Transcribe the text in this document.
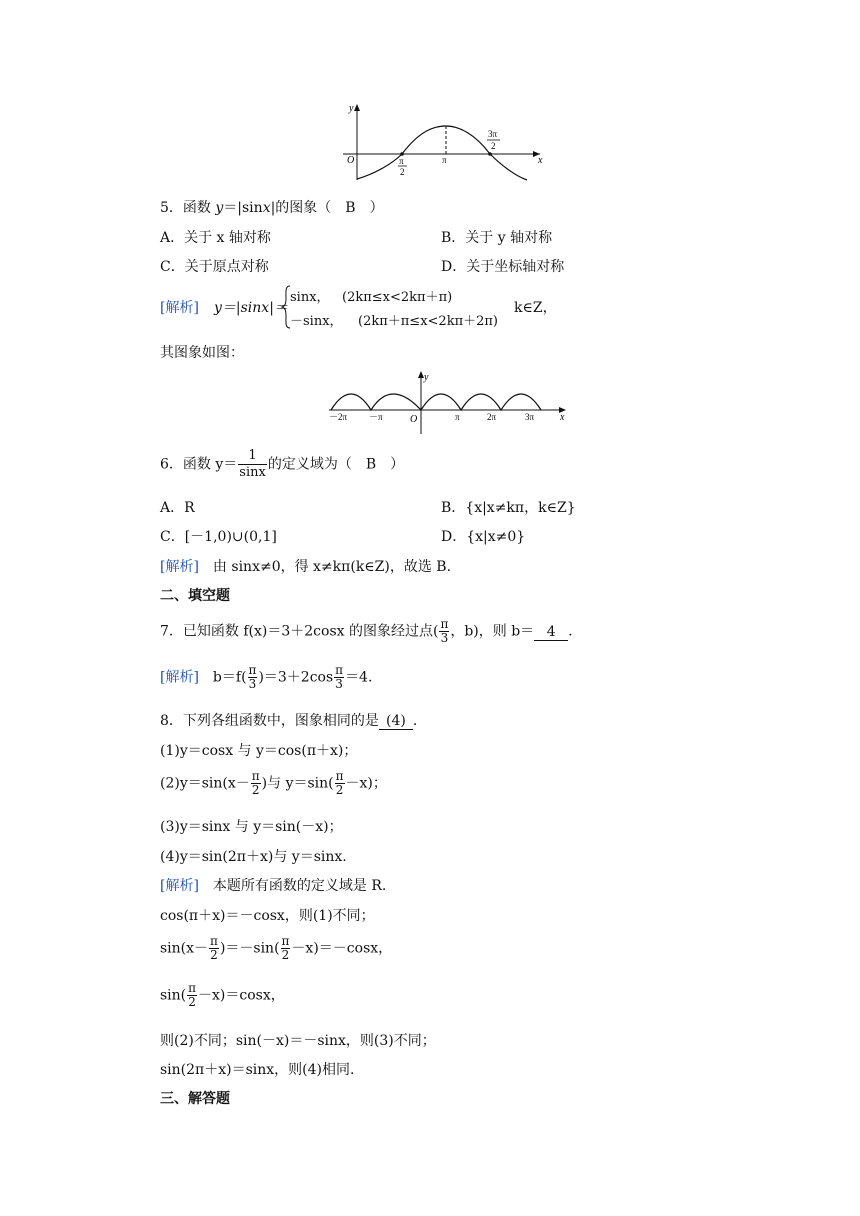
y
O	x
π
2
π
3π
2
5．函数 y＝|sinx|的图象（　B　）
A．关于 x 轴对称	B．关于 y 轴对称
C．关于原点对称	D．关于坐标轴对称
[解析] y＝|sinx|＝
sinx， (2kπ≤x<2kπ＋π)
－sinx， (2kπ＋π≤x<2kπ＋2π)
k∈Z，
其图象如图：
y
x
O
－2π －π	π	2π	3π
6．函数 $y= \frac{1}{\sin x}$ 的定义域为（　B　）
A．R	B．{x|x≠kπ，k∈Z}
C．[－1,0)∪(0,1]	D．{x|x≠0}
[解析]　由 sinx≠0，得 x≠kπ(k∈Z)，故选 B.
二、填空题
7．已知函数 f(x)＝3＋2cosx 的图象经过点( $\frac{\pi}{3}$ ，b)，则 b＝ 4 .
[解析]　$b=f( \frac{\pi}{3} )=3+2\cos \frac{\pi}{3} =4$.
8．下列各组函数中，图象相同的是 (4) .
(1)y＝cosx 与 y＝cos(π＋x)；
$(2)y=\sin(x- \frac{\pi}{2}$ )与 $y=\sin( \frac{\pi}{2} -x)$；
(3)y＝sinx 与 y＝sin(－x)；
(4)y＝sin(2π＋x)与 y＝sinx.
[解析]　本题所有函数的定义域是 R.
cos(π＋x)＝－cosx，则(1)不同；
$\sin(x- \frac{\pi}{2} )=-\sin( \frac{\pi}{2} -x)=-\cos x$，
$\sin( \frac{\pi}{2} -x)=\cos x$，
则(2)不同；sin(－x)＝－sinx，则(3)不同；
sin(2π＋x)＝sinx，则(4)相同.
三、解答题
